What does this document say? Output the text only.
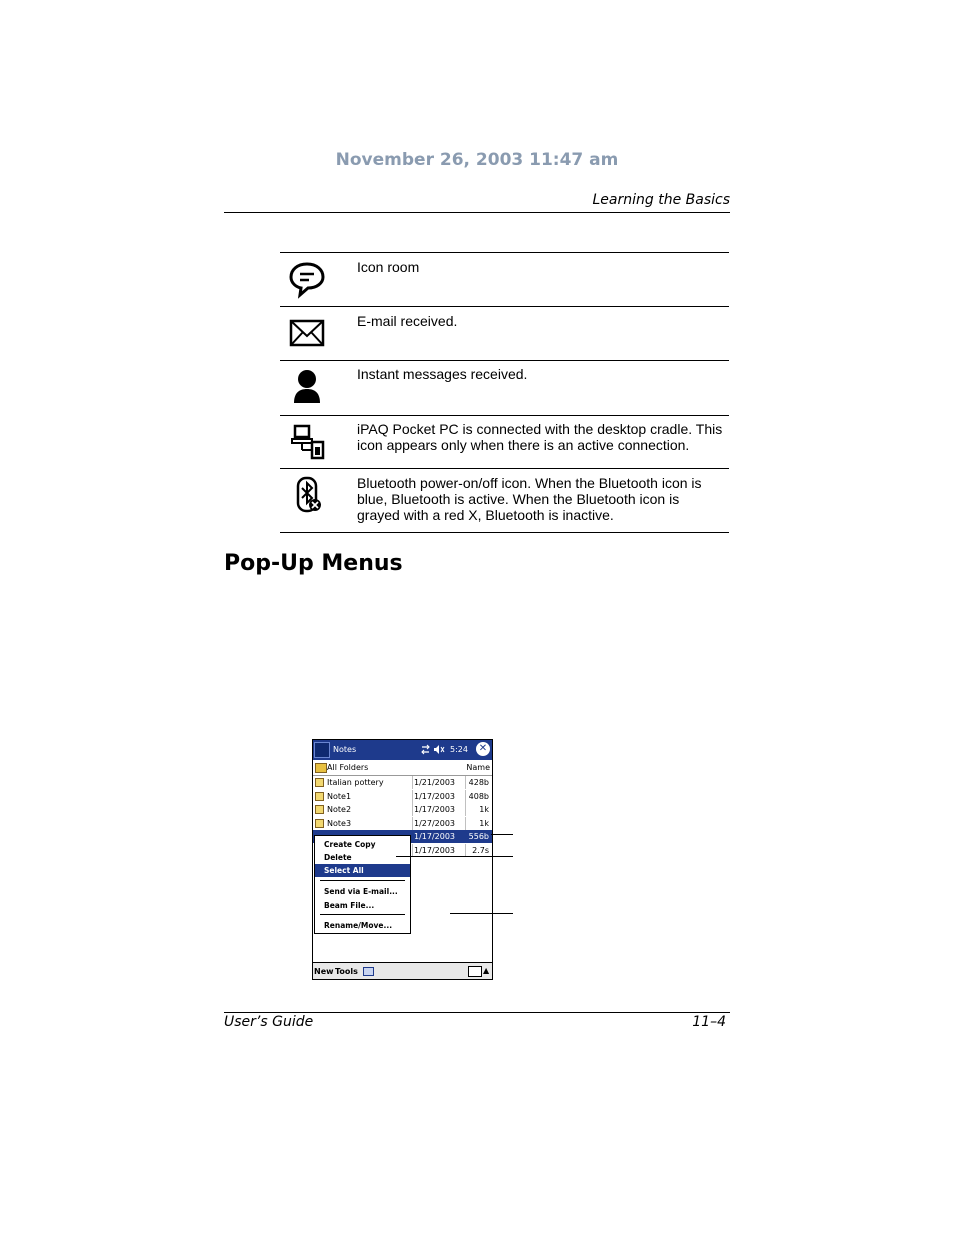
November 26, 2003 11:47 am
Learning the Basics
Icon room
E-mail received.
Instant messages received.
iPAQ Pocket PC is connected with the desktop cradle. This icon appears only when there is an active connection.
Bluetooth power-on/off icon. When the Bluetooth icon is blue, Bluetooth is active. When the Bluetooth icon is grayed with a red X, Bluetooth is inactive.
Pop-Up Menus
Notes	5:24 ✕
All Folders	Name
Italian pottery	1/21/2003 428b
Note1	1/17/2003 408b
Note2	1/17/2003	1k
Note3	1/27/2003	1k
1/17/2003 556b
1/17/2003 2.7s
Create Copy
Delete
Select All
Send via E-mail...
Beam File...
Rename/Move...
New Tools	▲
User’s Guide	11–4
